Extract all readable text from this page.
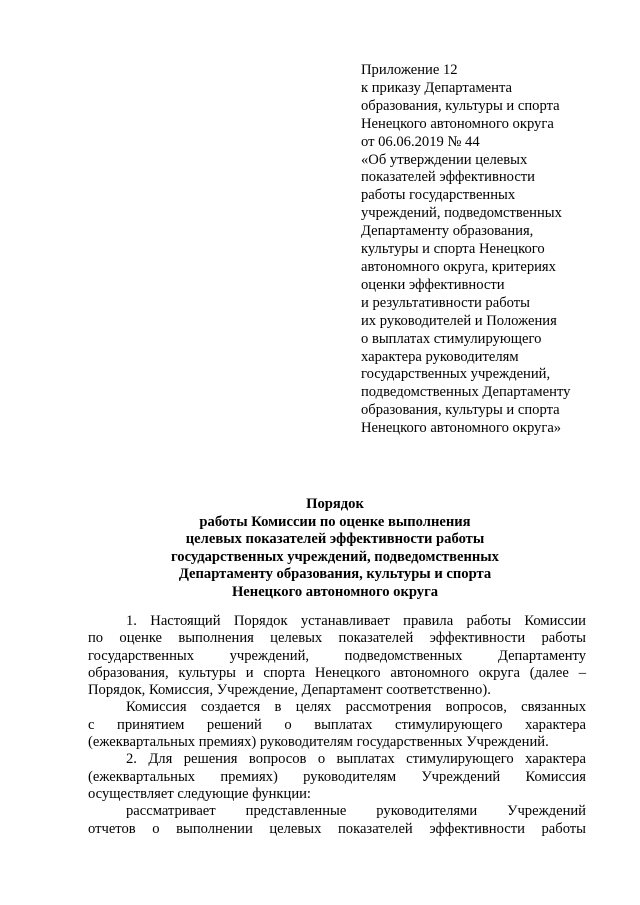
Приложение 12
к приказу Департамента
образования, культуры и спорта
Ненецкого автономного округа
от 06.06.2019 № 44
«Об утверждении целевых
показателей эффективности
работы государственных
учреждений, подведомственных
Департаменту образования,
культуры и спорта Ненецкого
автономного округа, критериях
оценки эффективности
и результативности работы
их руководителей и Положения
о выплатах стимулирующего
характера руководителям
государственных учреждений,
подведомственных Департаменту
образования, культуры и спорта
Ненецкого автономного округа»
Порядок
работы Комиссии по оценке выполнения
целевых показателей эффективности работы
государственных учреждений, подведомственных
Департаменту образования, культуры и спорта
Ненецкого автономного округа

1. Настоящий Порядок устанавливает правила работы Комиссии

по оценке выполнения целевых показателей эффективности работы

государственных учреждений, подведомственных Департаменту

образования, культуры и спорта Ненецкого автономного округа (далее –

Порядок, Комиссия, Учреждение, Департамент соответственно).

Комиссия создается в целях рассмотрения вопросов, связанных

с принятием решений о выплатах стимулирующего характера

(ежеквартальных премиях) руководителям государственных Учреждений.

2. Для решения вопросов о выплатах стимулирующего характера

(ежеквартальных премиях) руководителям Учреждений Комиссия

осуществляет следующие функции:

рассматривает представленные руководителями Учреждений

отчетов о выполнении целевых показателей эффективности работы
